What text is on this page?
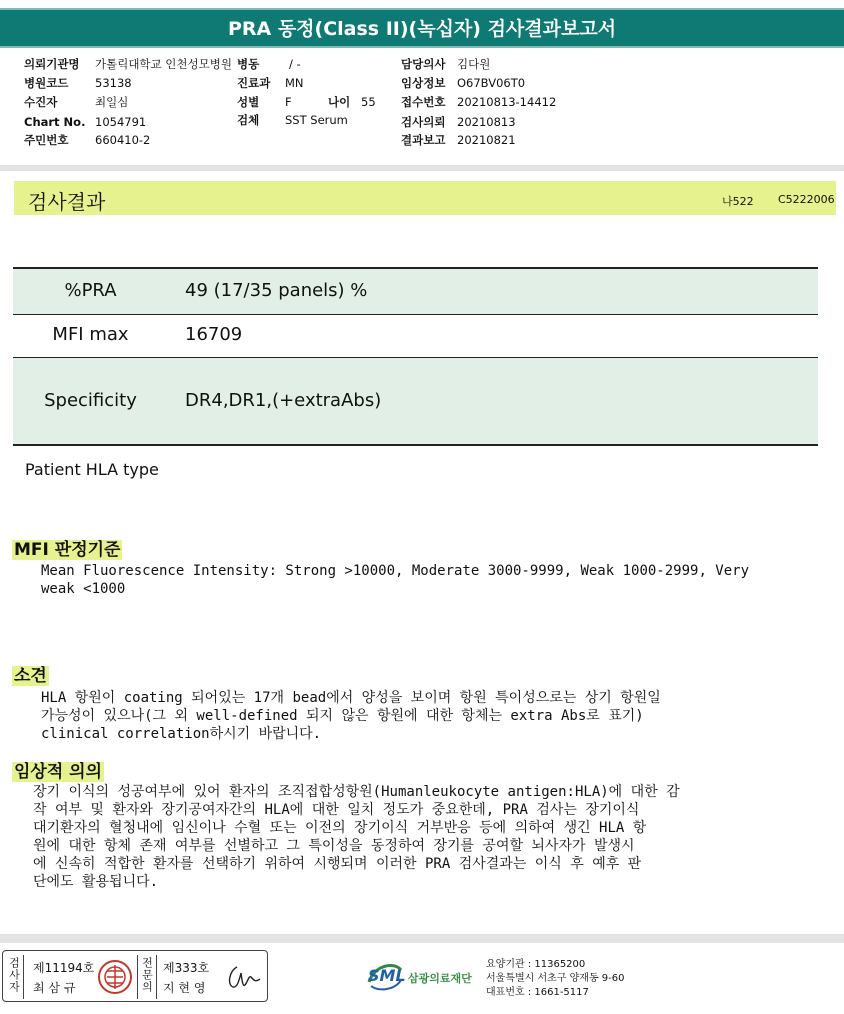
PRA 동정(Class II)(녹십자) 검사결과보고서
의뢰기관명 가톨릭대학교 인천성모병원 병동	/ -	담당의사 김다원
병원코드 53138	진료과 MN	임상정보 O67BV06T0
수진자	최일심	성별 F	나이 55 접수번호 20210813-14412
Chart No. 1054791	검체 SST Serum	검사의뢰 20210813
주민번호 660410-2	결과보고 20210821
검사결과	나522 C5222006
%PRA	49 (17/35 panels) %
MFI max	16709
Specificity	DR4,DR1,(+extraAbs)
Patient HLA type
MFI 판정기준
Mean Fluorescence Intensity: Strong >10000, Moderate 3000-9999, Weak 1000-2999, Very
weak <1000
소견
HLA 항원이 coating 되어있는 17개 bead에서 양성을 보이며 항원 특이성으로는 상기 항원일
가능성이 있으나(그 외 well-defined 되지 않은 항원에 대한 항체는 extra Abs로 표기)
clinical correlation하시기 바랍니다.
임상적 의의
장기 이식의 성공여부에 있어 환자의 조직접합성항원(Humanleukocyte antigen:HLA)에 대한 감
작 여부 및 환자와 장기공여자간의 HLA에 대한 일치 정도가 중요한데, PRA 검사는 장기이식
대기환자의 혈청내에 임신이나 수혈 또는 이전의 장기이식 거부반응 등에 의하여 생긴 HLA 항
원에 대한 항체 존재 여부를 선별하고 그 특이성을 동정하여 장기를 공여할 뇌사자가 발생시
에 신속히 적합한 환자를 선택하기 위하여 시행되며 이러한 PRA 검사결과는 이식 후 예후 판
단에도 활용됩니다.
검사자 제11194호
최 삼 규	전문의 제333호
지 현 영
SML 삼광의료재단
요양기관 : 11365200
서울특별시 서초구 양재동 9-60
대표번호 : 1661-5117
